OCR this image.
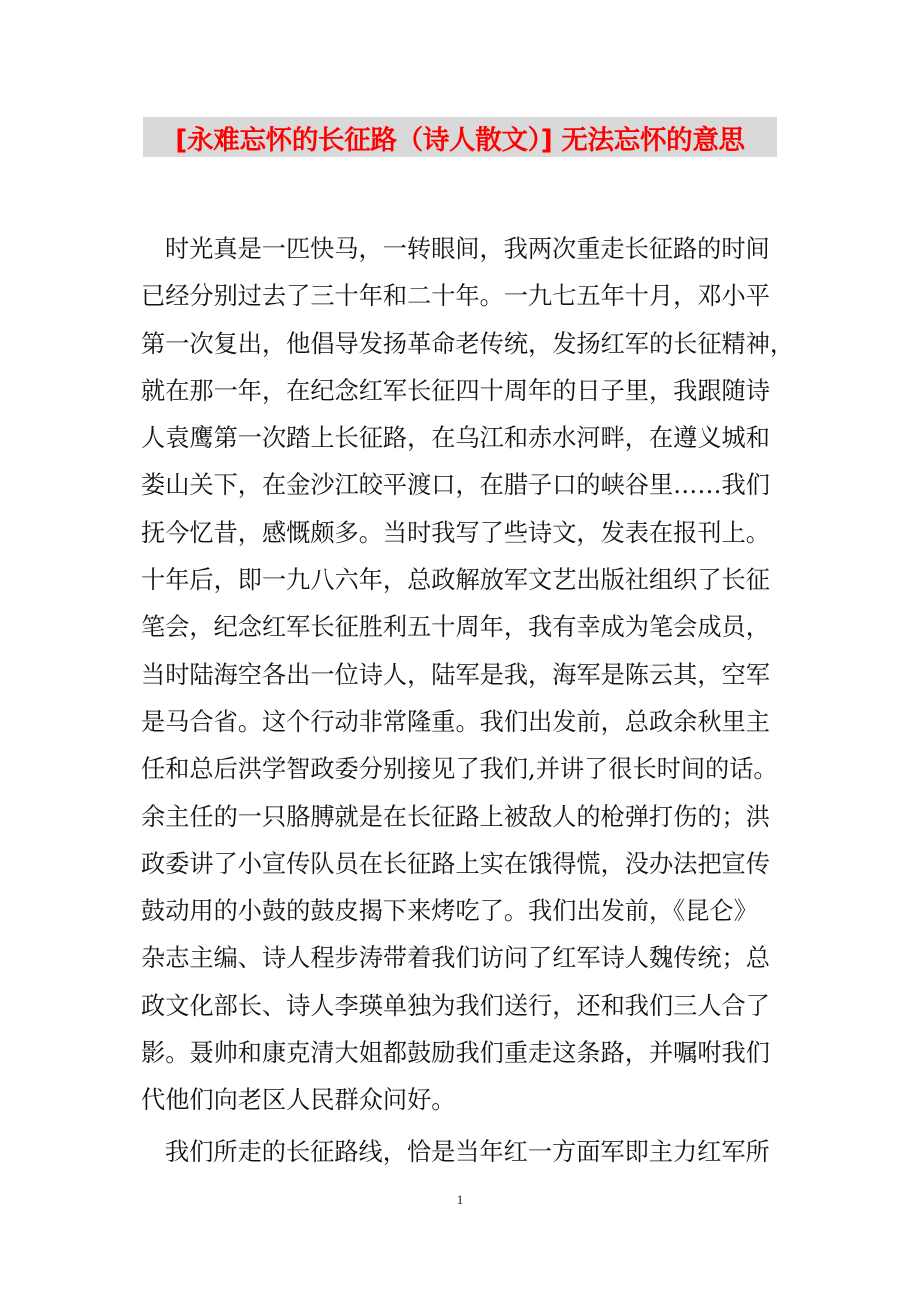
[永难忘怀的长征路（诗人散文）] 无法忘怀的意思
时光真是一匹快马，一转眼间，我两次重走长征路的时间
已经分别过去了三十年和二十年。一九七五年十月，邓小平
第一次复出，他倡导发扬革命老传统，发扬红军的长征精神，
就在那一年，在纪念红军长征四十周年的日子里，我跟随诗
人袁鹰第一次踏上长征路，在乌江和赤水河畔，在遵义城和
娄山关下，在金沙江皎平渡口，在腊子口的峡谷里……我们
抚今忆昔，感慨颇多。当时我写了些诗文，发表在报刊上。
十年后，即一九八六年，总政解放军文艺出版社组织了长征
笔会，纪念红军长征胜利五十周年，我有幸成为笔会成员，
当时陆海空各出一位诗人，陆军是我，海军是陈云其，空军
是马合省。这个行动非常隆重。我们出发前，总政余秋里主
任和总后洪学智政委分别接见了我们,并讲了很长时间的话。
余主任的一只胳膊就是在长征路上被敌人的枪弹打伤的；洪
政委讲了小宣传队员在长征路上实在饿得慌，没办法把宣传
鼓动用的小鼓的鼓皮揭下来烤吃了。我们出发前，《昆仑》
杂志主编、诗人程步涛带着我们访问了红军诗人魏传统；总
政文化部长、诗人李瑛单独为我们送行，还和我们三人合了
影。聂帅和康克清大姐都鼓励我们重走这条路，并嘱咐我们
代他们向老区人民群众问好。
我们所走的长征路线，恰是当年红一方面军即主力红军所
1
